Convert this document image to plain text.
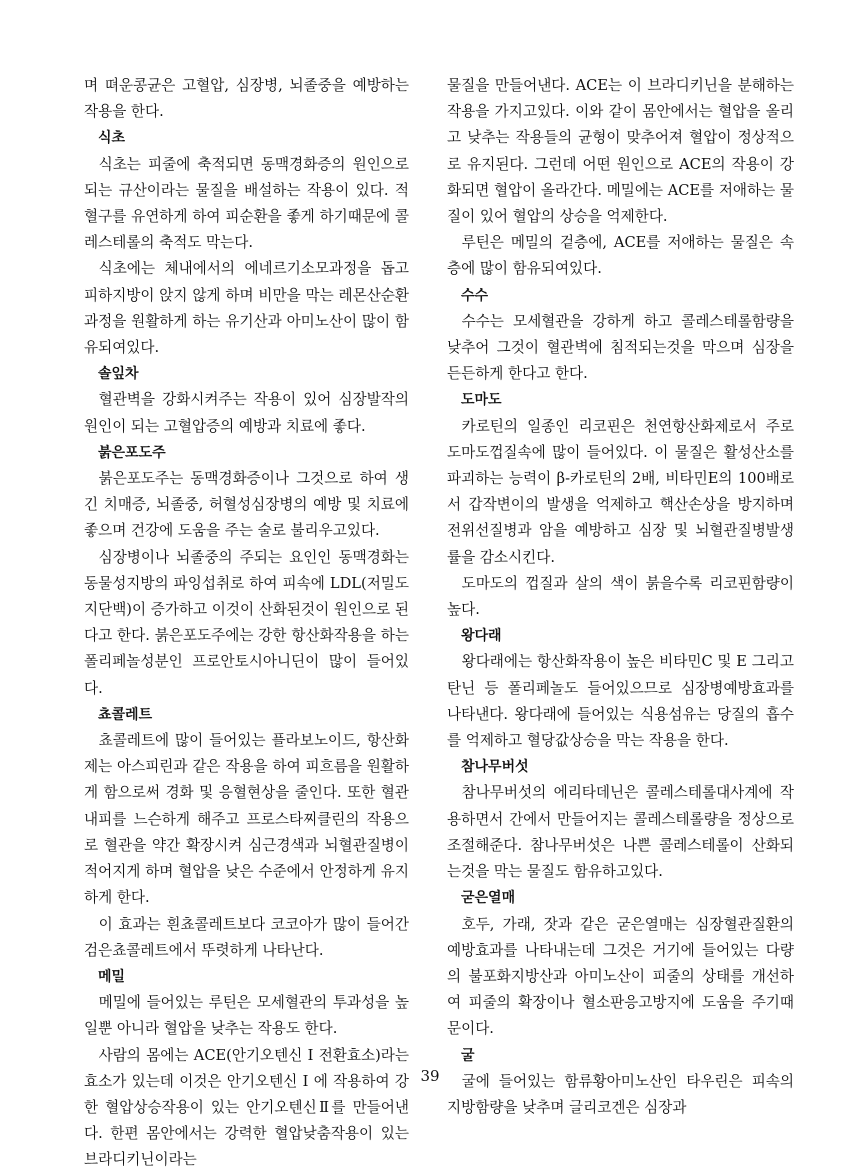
며 뗘운콩균은 고혈압, 심장병, 뇌졸중을 예방하는 작용을 한다.

식초

식초는 피줄에 축적되면 동맥경화증의 원인으로 되는 규산이라는 물질을 배설하는 작용이 있다. 적혈구를 유연하게 하여 피순환을 좋게 하기때문에 콜레스테롤의 축적도 막는다.

식초에는 체내에서의 에네르기소모과정을 돕고 피하지방이 앉지 않게 하며 비만을 막는 레몬산순환과정을 원활하게 하는 유기산과 아미노산이 많이 함유되여있다.

솔잎차

혈관벽을 강화시켜주는 작용이 있어 심장발작의 원인이 되는 고혈압증의 예방과 치료에 좋다.

붉은포도주

붉은포도주는 동맥경화증이나 그것으로 하여 생긴 치매증, 뇌졸중, 허혈성심장병의 예방 및 치료에 좋으며 건강에 도움을 주는 술로 불리우고있다.

심장병이나 뇌졸중의 주되는 요인인 동맥경화는 동물성지방의 파잉섭취로 하여 피속에 LDL(저밀도지단백)이 증가하고 이것이 산화된것이 원인으로 된다고 한다. 붉은포도주에는 강한 항산화작용을 하는 폴리페놀성분인 프로안토시아니딘이 많이 들어있다.

쵸콜레트

쵸콜레트에 많이 들어있는 플라보노이드, 항산화제는 아스피린과 같은 작용을 하여 피흐름을 원활하게 함으로써 경화 및 응혈현상을 줄인다. 또한 혈관내피를 느슨하게 해주고 프로스타찌클린의 작용으로 혈관을 약간 확장시켜 심근경색과 뇌혈관질병이 적어지게 하며 혈압을 낮은 수준에서 안정하게 유지하게 한다.

이 효과는 흰쵸콜레트보다 코코아가 많이 들어간 검은쵸콜레트에서 뚜렷하게 나타난다.

메밀

메밀에 들어있는 루틴은 모세혈관의 투과성을 높일뿐 아니라 혈압을 낮추는 작용도 한다.

사람의 몸에는 ACE(안기오텐신 I 전환효소)라는 효소가 있는데 이것은 안기오텐신 I 에 작용하여 강한 혈압상승작용이 있는 안기오텐신Ⅱ를 만들어낸다. 한편 몸안에서는 강력한 혈압낮춤작용이 있는 브라디키닌이라는

물질을 만들어낸다. ACE는 이 브라디키닌을 분해하는 작용을 가지고있다. 이와 같이 몸안에서는 혈압을 올리고 낮추는 작용들의 균형이 맞추어져 혈압이 정상적으로 유지된다. 그런데 어떤 원인으로 ACE의 작용이 강화되면 혈압이 올라간다. 메밀에는 ACE를 저애하는 물질이 있어 혈압의 상승을 억제한다.

루틴은 메밀의 겉층에, ACE를 저애하는 물질은 속층에 많이 함유되여있다.

수수

수수는 모세혈관을 강하게 하고 콜레스테롤함량을 낮추어 그것이 혈관벽에 침적되는것을 막으며 심장을 든든하게 한다고 한다.

도마도

카로틴의 일종인 리코핀은 천연항산화제로서 주로 도마도껍질속에 많이 들어있다. 이 물질은 활성산소를 파괴하는 능력이 β-카로틴의 2배, 비타민E의 100배로서 갑작변이의 발생을 억제하고 핵산손상을 방지하며 전위선질병과 암을 예방하고 심장 및 뇌혈관질병발생률을 감소시킨다.

도마도의 껍질과 살의 색이 붉을수록 리코핀함량이 높다.

왕다래

왕다래에는 항산화작용이 높은 비타민C 및 E 그리고 탄닌 등 폴리페놀도 들어있으므로 심장병예방효과를 나타낸다. 왕다래에 들어있는 식용섬유는 당질의 흡수를 억제하고 혈당값상승을 막는 작용을 한다.

참나무버섯

참나무버섯의 에리타데닌은 콜레스테롤대사계에 작용하면서 간에서 만들어지는 콜레스테롤량을 정상으로 조절해준다. 참나무버섯은 나쁜 콜레스테롤이 산화되는것을 막는 물질도 함유하고있다.

굳은열매

호두, 가래, 잣과 같은 굳은열매는 심장혈관질환의 예방효과를 나타내는데 그것은 거기에 들어있는 다량의 불포화지방산과 아미노산이 피줄의 상태를 개선하여 피줄의 확장이나 혈소판응고방지에 도움을 주기때문이다.

굴

굴에 들어있는 함류황아미노산인 타우린은 피속의 지방함량을 낮추며 글리코겐은 심장과

39
